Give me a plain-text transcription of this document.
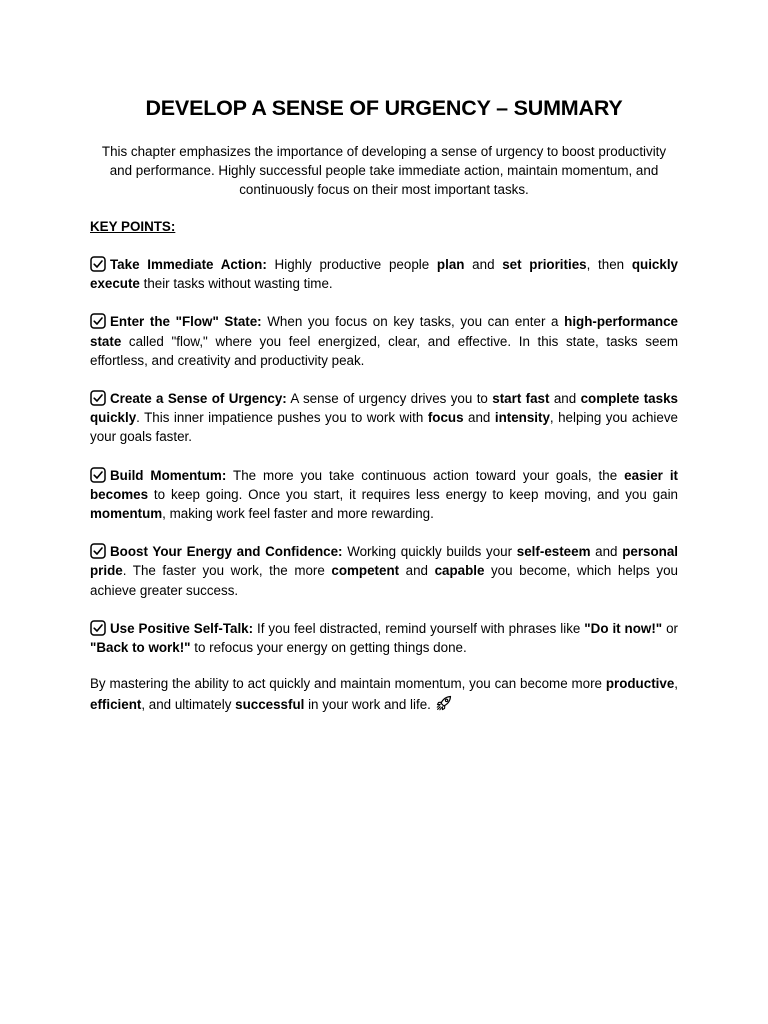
DEVELOP A SENSE OF URGENCY – SUMMARY

This chapter emphasizes the importance of developing a sense of urgency to boost productivity and performance. Highly successful people take immediate action, maintain momentum, and continuously focus on their most important tasks.

KEY POINTS:

Take Immediate Action: Highly productive people plan and set priorities, then quickly execute their tasks without wasting time.

Enter the "Flow" State: When you focus on key tasks, you can enter a high-performance state called "flow," where you feel energized, clear, and effective. In this state, tasks seem effortless, and creativity and productivity peak.

Create a Sense of Urgency: A sense of urgency drives you to start fast and complete tasks quickly. This inner impatience pushes you to work with focus and intensity, helping you achieve your goals faster.

Build Momentum: The more you take continuous action toward your goals, the easier it becomes to keep going. Once you start, it requires less energy to keep moving, and you gain momentum, making work feel faster and more rewarding.

Boost Your Energy and Confidence: Working quickly builds your self-esteem and personal pride. The faster you work, the more competent and capable you become, which helps you achieve greater success.

Use Positive Self-Talk: If you feel distracted, remind yourself with phrases like "Do it now!" or "Back to work!" to refocus your energy on getting things done.

By mastering the ability to act quickly and maintain momentum, you can become more productive, efficient, and ultimately successful in your work and life.
